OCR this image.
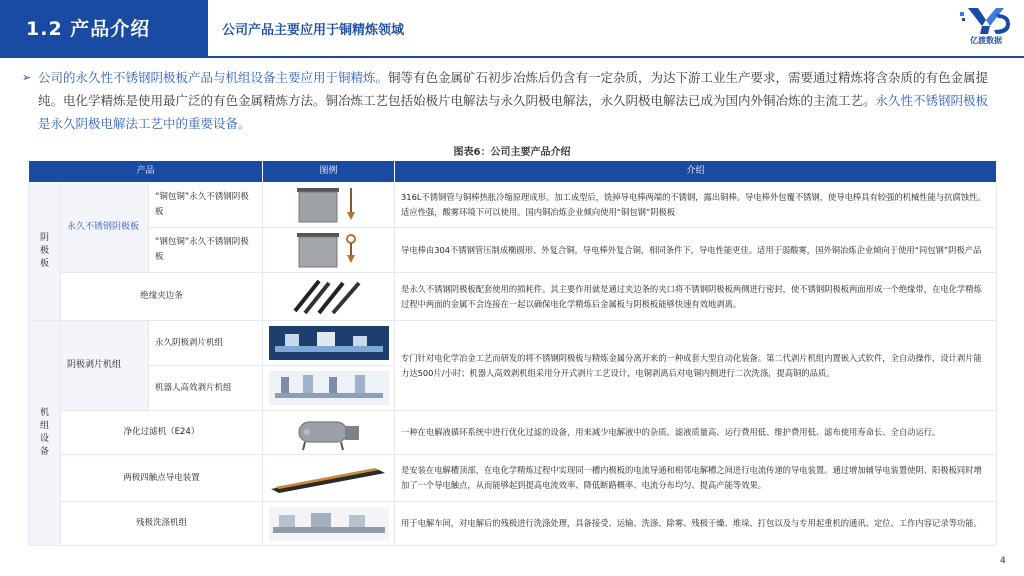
1.2 产品介绍	公司产品主要应用于铜精炼领域
亿渡数据
➢ 公司的永久性不锈钢阴极板产品与机组设备主要应用于铜精炼。铜等有色金属矿石初步冶炼后仍含有一定杂质，为达下游工业生产要求，需要通过精炼将含杂质的有色金属提纯。电化学精炼是使用最广泛的有色金属精炼方法。铜冶炼工艺包括始极片电解法与永久阴极电解法，永久阴极电解法已成为国内外铜冶炼的主流工艺。永久性不锈钢阴极板是永久阴极电解法工艺中的重要设备。
图表6：公司主要产品介绍
产品			图例	介绍

阴
极
板	永久不锈钢阴极板	“铜包铜”永久不锈钢阴极板		316L不锈钢管与铜棒热胀冷缩原理成形。加工成型后，铣掉导电棒两端的不锈钢，露出铜棒。导电棒外包覆不锈钢，使导电棒具有较强的机械性能与抗腐蚀性。适应性强，酸雾环境下可以使用。国内铜冶炼企业倾向使用“铜包钢”阴极板
		“钢包铜”永久不锈钢阴极板		导电棒由304不锈钢管压制成椭圆形、外复合铜。导电棒外复合铜，相同条件下，导电性能更佳。适用于弱酸雾，国外铜冶炼企业倾向于使用“同包钢”阴极产品
	绝缘夹边条			是永久不锈钢阴极板配套使用的损耗件。其主要作用就是通过夹边条的夹口将不锈钢阴极板两侧进行密封，使不锈钢阴极板两面形成一个绝缘带，在电化学精炼过程中两面的金属不会连接在一起以确保电化学精炼后金属板与阴极板能够快速有效地剥离。

机
组
设
备	阴极剥片机组	永久阴极剥片机组		专门针对电化学冶金工艺而研发的将不锈钢阴极板与精炼金属分离开来的一种成套大型自动化装备。第二代剥片机组内置嵌入式软件，全自动操作，设计剥片能力达500片/小时；机器人高效剥机组采用分开式剥片工艺设计，电铜剥离后对电铜内侧进行二次洗涤，提高铜的品质。
		机器人高效剥片机组	

	净化过滤机（E24）			一种在电解液循环系统中进行优化过滤的设备，用来减少电解液中的杂质。滤液质量高、运行费用低、维护费用低、滤布使用寿命长、全自动运行。
	两极四触点导电装置			是安装在电解槽顶部，在电化学精炼过程中实现同一槽内极板的电流导通和相邻电解槽之间进行电流传递的导电装置。通过增加辅导电装置使阴、阳极板同时增加了一个导电触点，从而能够起到提高电流效率、降低断路概率、电流分布均匀、提高产能等效果。
	残极洗涤机组			用于电解车间，对电解后的残极进行洗涤处理，具备接受、运输、洗涤、除雾、残极干燥、堆垛、打包以及与专用起重机的通讯、定位、工作内容记录等功能。
4
